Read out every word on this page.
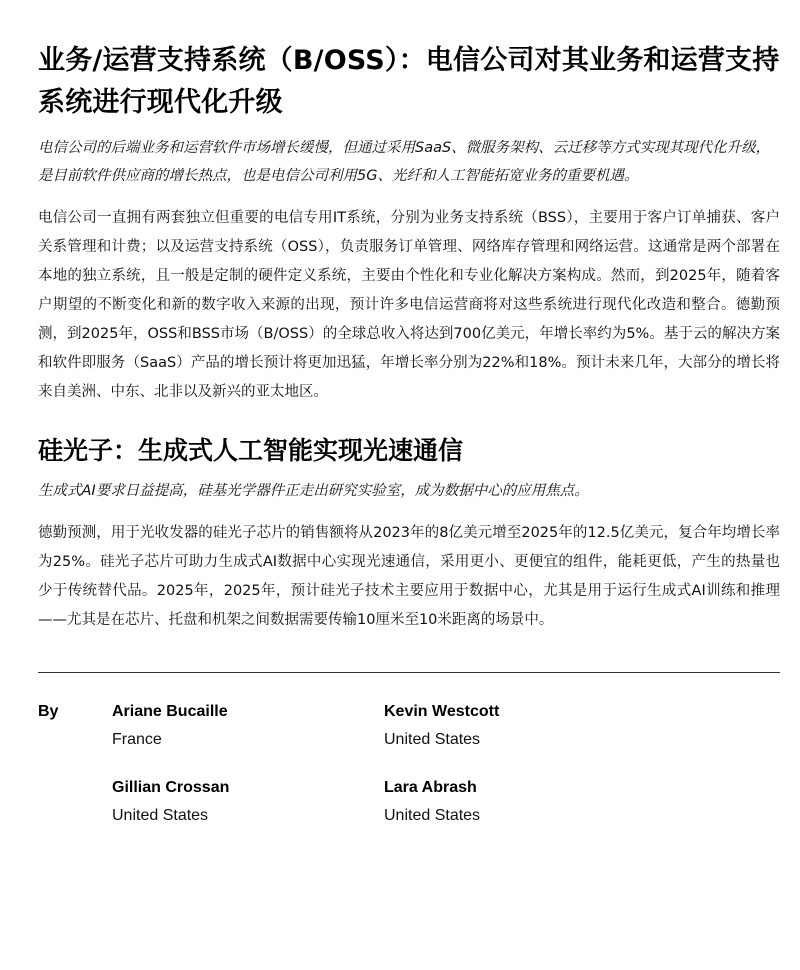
业务/运营支持系统（B/OSS）：电信公司对其业务和运营支持系统进行现代化升级

电信公司的后端业务和运营软件市场增长缓慢，但通过采用SaaS、微服务架构、云迁移等方式实现其现代化升级，是目前软件供应商的增长热点，也是电信公司利用5G、光纤和人工智能拓宽业务的重要机遇。

电信公司一直拥有两套独立但重要的电信专用IT系统，分别为业务支持系统（BSS），主要用于客户订单捕获、客户关系管理和计费；以及运营支持系统（OSS），负责服务订单管理、网络库存管理和网络运营。这通常是两个部署在本地的独立系统，且一般是定制的硬件定义系统，主要由个性化和专业化解决方案构成。然而，到2025年，随着客户期望的不断变化和新的数字收入来源的出现，预计许多电信运营商将对这些系统进行现代化改造和整合。德勤预测，到2025年，OSS和BSS市场（B/OSS）的全球总收入将达到700亿美元，年增长率约为5%。基于云的解决方案和软件即服务（SaaS）产品的增长预计将更加迅猛，年增长率分别为22%和18%。预计未来几年，大部分的增长将来自美洲、中东、北非以及新兴的亚太地区。

硅光子：生成式人工智能实现光速通信

生成式AI要求日益提高，硅基光学器件正走出研究实验室，成为数据中心的应用焦点。

德勤预测，用于光收发器的硅光子芯片的销售额将从2023年的8亿美元增至2025年的12.5亿美元，复合年均增长率为25%。硅光子芯片可助力生成式AI数据中心实现光速通信，采用更小、更便宜的组件，能耗更低，产生的热量也少于传统替代品。2025年，2025年，预计硅光子技术主要应用于数据中心，尤其是用于运行生成式AI训练和推理——尤其是在芯片、托盘和机架之间数据需要传输10厘米至10米距离的场景中。

By	Ariane Bucaille
France
Kevin Westcott
United States
Gillian Crossan
United States
Lara Abrash
United States
